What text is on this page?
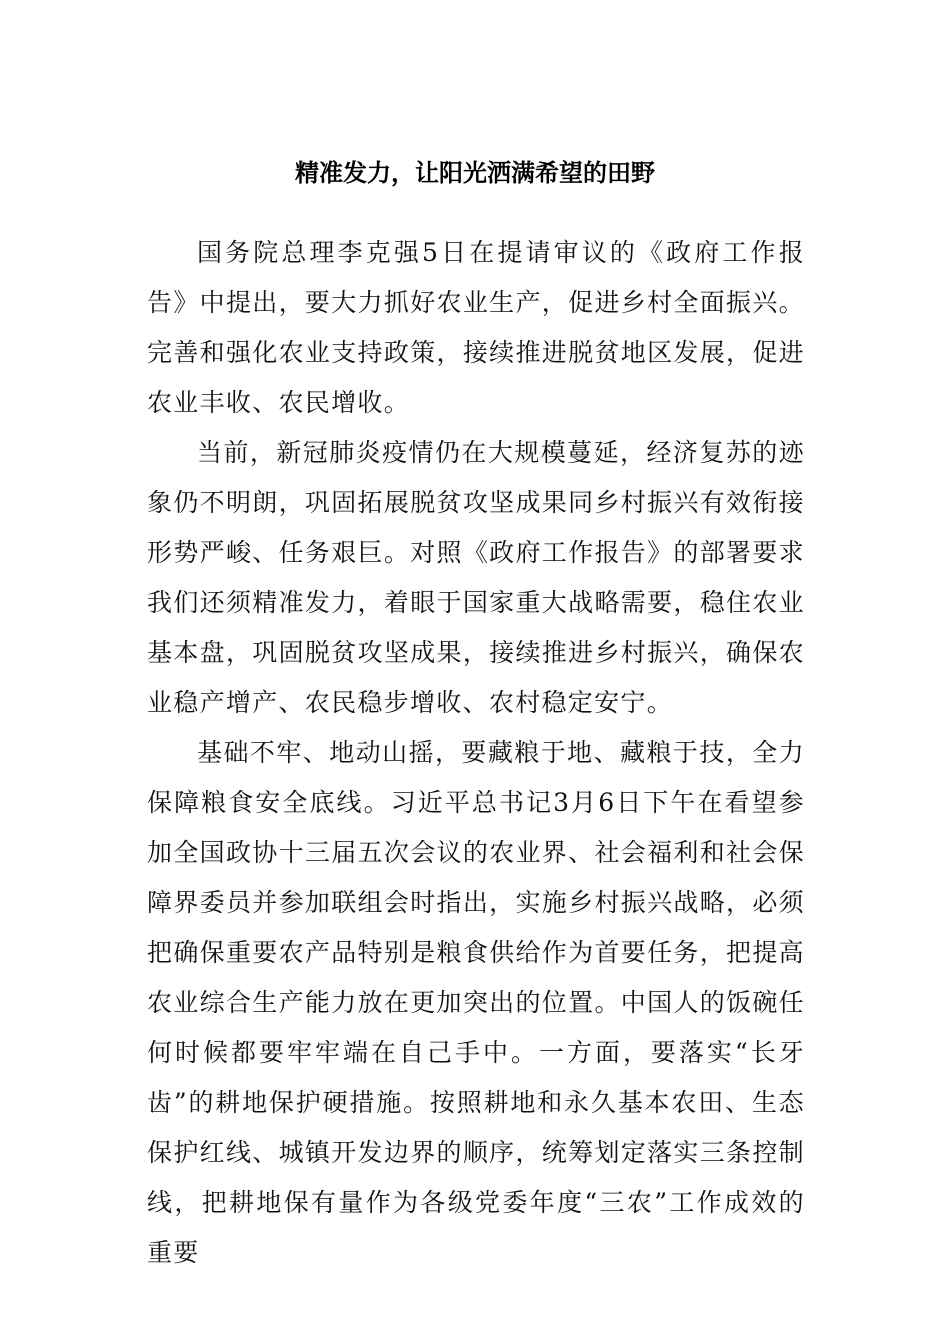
精准发力，让阳光洒满希望的田野

国务院总理李克强5日在提请审议的《政府工作报告》中提出，要大力抓好农业生产，促进乡村全面振兴。完善和强化农业支持政策，接续推进脱贫地区发展，促进农业丰收、农民增收。

当前，新冠肺炎疫情仍在大规模蔓延，经济复苏的迹象仍不明朗，巩固拓展脱贫攻坚成果同乡村振兴有效衔接形势严峻、任务艰巨。对照《政府工作报告》的部署要求我们还须精准发力，着眼于国家重大战略需要，稳住农业基本盘，巩固脱贫攻坚成果，接续推进乡村振兴，确保农业稳产增产、农民稳步增收、农村稳定安宁。

基础不牢、地动山摇，要藏粮于地、藏粮于技，全力保障粮食安全底线。习近平总书记3月6日下午在看望参加全国政协十三届五次会议的农业界、社会福利和社会保障界委员并参加联组会时指出，实施乡村振兴战略，必须把确保重要农产品特别是粮食供给作为首要任务，把提高农业综合生产能力放在更加突出的位置。中国人的饭碗任何时候都要牢牢端在自己手中。一方面，要落实“长牙齿”的耕地保护硬措施。按照耕地和永久基本农田、生态保护红线、城镇开发边界的顺序，统筹划定落实三条控制线，把耕地保有量作为各级党委年度“三农”工作成效的重要
